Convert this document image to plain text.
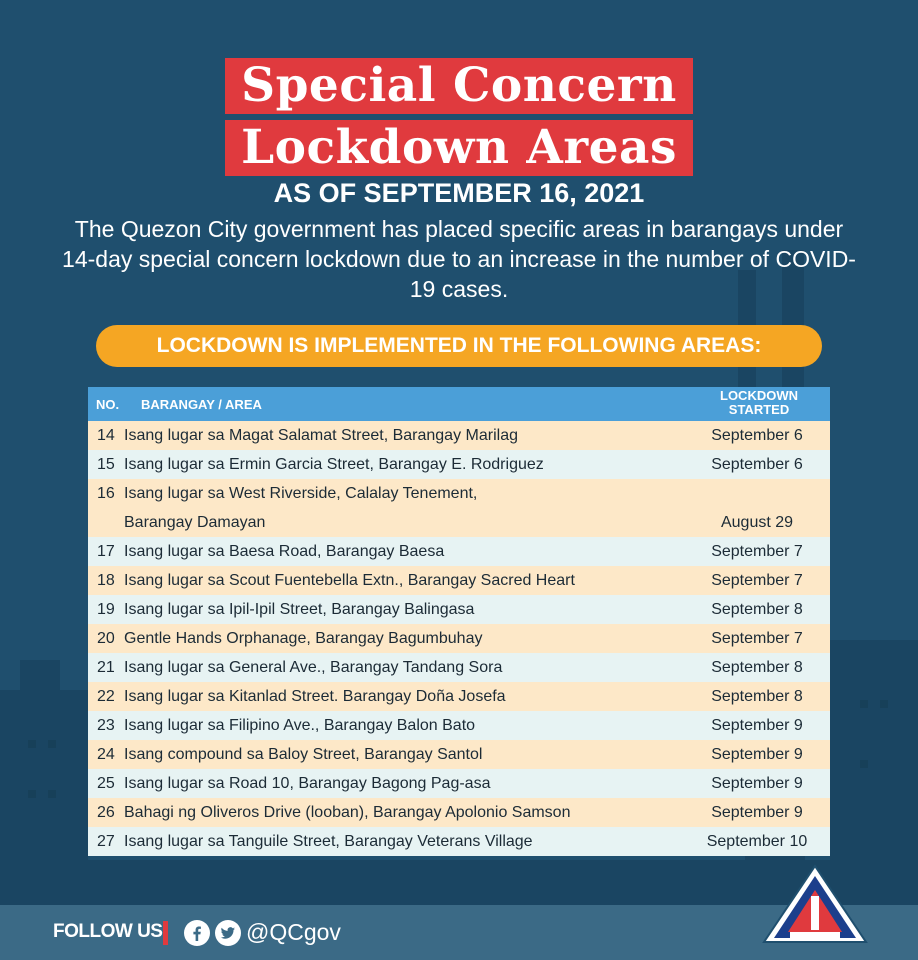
Special Concern
Lockdown Areas
AS OF SEPTEMBER 16, 2021
The Quezon City government has placed specific areas in barangays under 14-day special concern lockdown due to an increase in the number of COVID-19 cases.
LOCKDOWN IS IMPLEMENTED IN THE FOLLOWING AREAS:
NO. BARANGAY / AREA
LOCKDOWN
STARTED
14 Isang lugar sa Magat Salamat Street, Barangay Marilag	September 6
15 Isang lugar sa Ermin Garcia Street, Barangay E. Rodriguez	September 6
16 Isang lugar sa West Riverside, Calalay Tenement,
Barangay Damayan	August 29
17 Isang lugar sa Baesa Road, Barangay Baesa	September 7
18 Isang lugar sa Scout Fuentebella Extn., Barangay Sacred Heart	September 7
19 Isang lugar sa Ipil-Ipil Street, Barangay Balingasa	September 8
20 Gentle Hands Orphanage, Barangay Bagumbuhay	September 7
21 Isang lugar sa General Ave., Barangay Tandang Sora	September 8
22 Isang lugar sa Kitanlad Street. Barangay Doña Josefa	September 8
23 Isang lugar sa Filipino Ave., Barangay Balon Bato	September 9
24 Isang compound sa Baloy Street, Barangay Santol	September 9
25 Isang lugar sa Road 10, Barangay Bagong Pag-asa	September 9
26 Bahagi ng Oliveros Drive (looban), Barangay Apolonio Samson	September 9
27 Isang lugar sa Tanguile Street, Barangay Veterans Village	September 10
FOLLOW US	@QCgov
